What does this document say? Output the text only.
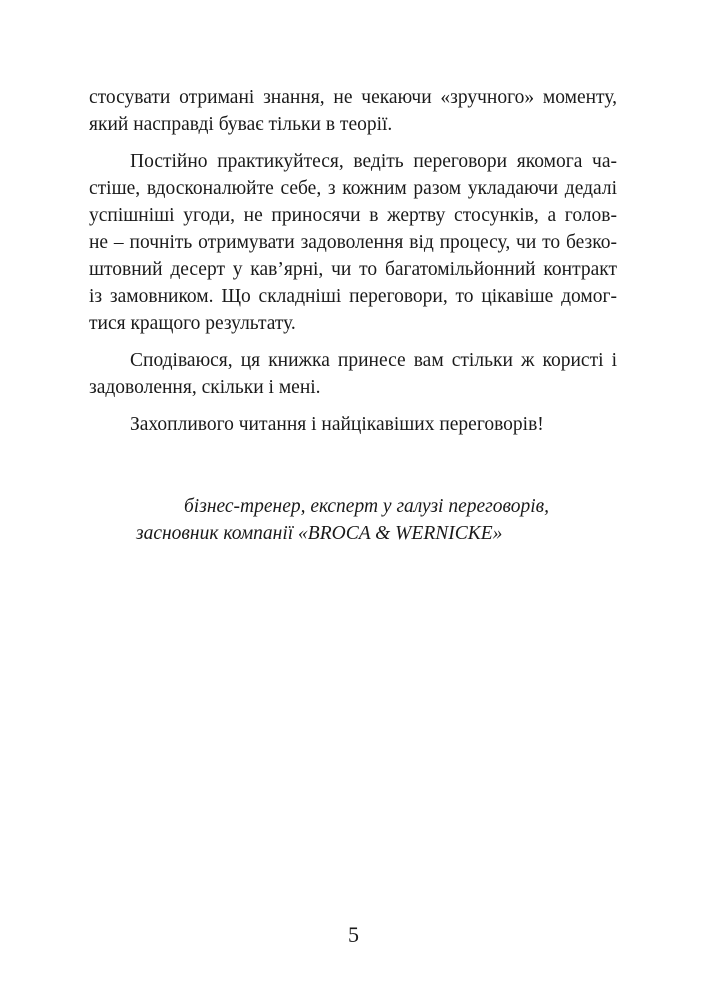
стосувати отримані знання, не чекаючи «зручного» моменту,
який насправді буває тільки в теорії.

Постійно практикуйтеся, ведіть переговори якомога ча-
стіше, вдосконалюйте себе, з кожним разом укладаючи дедалі
успішніші угоди, не приносячи в жертву стосунків, а голов-
не – почніть отримувати задоволення від процесу, чи то безко-
штовний десерт у кав’ярні, чи то багатомільйонний контракт
із замовником. Що складніші переговори, то цікавіше домог-
тися кращого результату.

Сподіваюся, ця книжка принесе вам стільки ж користі і
задоволення, скільки і мені.

Захопливого читання і найцікавіших переговорів!

бізнес-тренер, експерт у галузі переговорів,
засновник компанії «BROCA & WERNICKE»
5
